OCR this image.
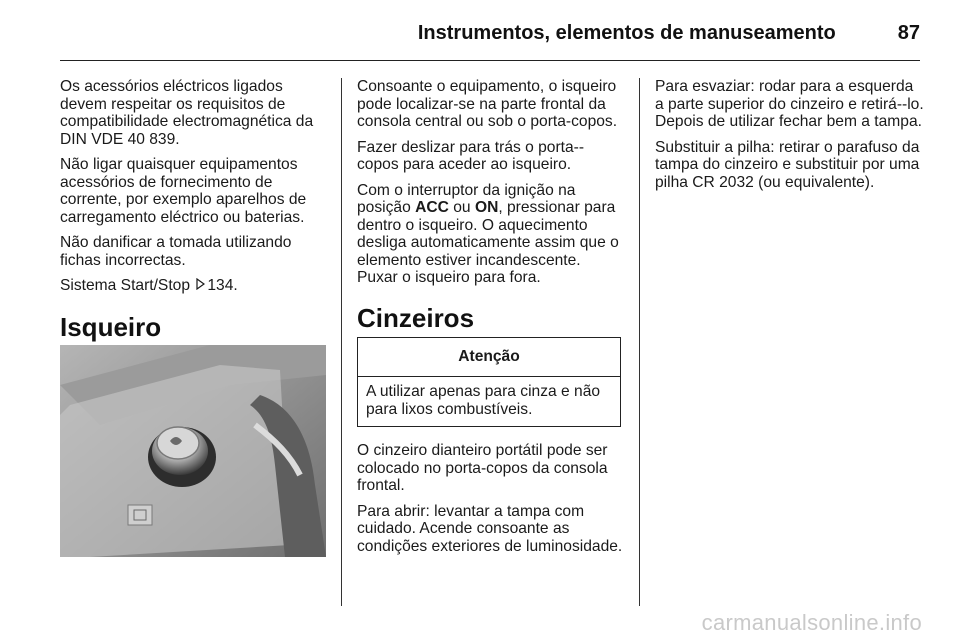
Instrumentos, elementos de manuseamento	87

Os acessórios eléctricos ligados devem respeitar os requisitos de compatibilidade electromagnética da DIN VDE 40 839.

Não ligar quaisquer equipamentos acessórios de fornecimento de corrente, por exemplo aparelhos de carregamento eléctrico ou baterias.

Não danificar a tomada utilizando fichas incorrectas.

Sistema Start/Stop 134.

Isqueiro

Consoante o equipamento, o isqueiro pode localizar-se na parte frontal da consola central ou sob o porta-copos.

Fazer deslizar para trás o porta--copos para aceder ao isqueiro.

Com o interruptor da ignição na posição ACC ou ON, pressionar para dentro o isqueiro. O aquecimento desliga automaticamente assim que o elemento estiver incandescente. Puxar o isqueiro para fora.

Cinzeiros
Atenção
A utilizar apenas para cinza e não para lixos combustíveis.

O cinzeiro dianteiro portátil pode ser colocado no porta-copos da consola frontal.

Para abrir: levantar a tampa com cuidado. Acende consoante as condições exteriores de luminosidade.

Para esvaziar: rodar para a esquerda a parte superior do cinzeiro e retirá--lo. Depois de utilizar fechar bem a tampa.

Substituir a pilha: retirar o parafuso da tampa do cinzeiro e substituir por uma pilha CR 2032 (ou equivalente).

carmanualsonline.info
